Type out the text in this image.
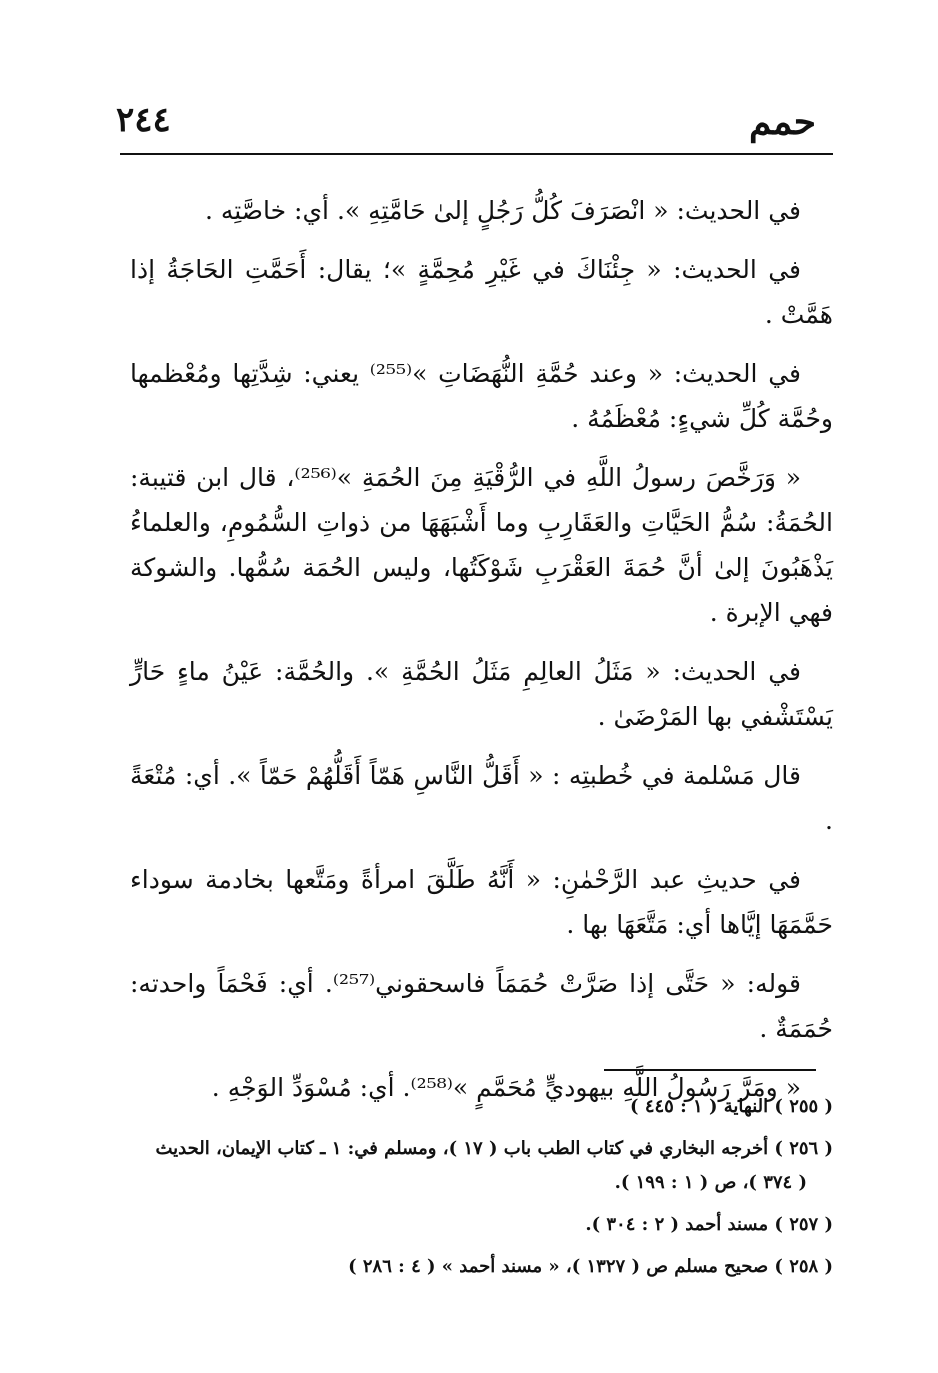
حمم
٢٤٤

في الحديث: « انْصَرَفَ كُلُّ رَجُلٍ إلىٰ حَامَّتِهِ ». أي: خاصَّتِه .

في الحديث: « جِئْنَاكَ في غَيْرِ مُحِمَّةٍ »؛ يقال: أَحَمَّتِ الحَاجَةُ إذا هَمَّتْ .

في الحديث: « وعند حُمَّةِ النُّهَضَاتِ »⁽²⁵⁵⁾ يعني: شِدَّتِها ومُعْظمها وحُمَّة كُلِّ شيءٍ: مُعْظَمُهُ .

« وَرَخَّصَ رسولُ اللَّهِ في الرُّقْيَةِ مِنَ الحُمَةِ »⁽²⁵⁶⁾، قال ابن قتيبة: الحُمَةُ: سُمُّ الحَيَّاتِ والعَقَارِبِ وما أَشْبَهَهَا من ذواتِ السُّمُومِ، والعلماءُ يَذْهَبُونَ إلىٰ أنَّ حُمَةَ العَقْرَبِ شَوْكَتُها، وليس الحُمَة سُمُّها. والشوكة فهي الإبرة .

في الحديث: « مَثَلُ العالِمِ مَثَلُ الحُمَّةِ ». والحُمَّة: عَيْنُ ماءٍ حَارٍّ يَسْتَشْفي بها المَرْضَىٰ .

قال مَسْلمة في خُطبتِه : « أَقَلُّ النَّاسِ هَمّاً أَقَلُّهُمْ حَمّاً ». أي: مُتْعَةً .

في حديثِ عبد الرَّحْمٰنِ: « أَنَّهُ طَلَّقَ امرأةً ومَتَّعها بخادمة سوداء حَمَّمَهَا إيَّاها أي: مَتَّعَهَا بها .

قوله: « حَتَّى إذا صَرَّتْ حُمَمَاً فاسحقوني⁽²⁵⁷⁾. أي: فَحْمَاً واحدته: حُمَمَةٌ .

« ومَرَّ رَسُولُ اللَّهِ بيهوديٍّ مُحَمَّمٍ »⁽²⁵⁸⁾. أي: مُسْوَدِّ الوَجْهِ .

( ٢٥٥ ) النهاية ( ١ : ٤٤٥ )

( ٢٥٦ ) أخرجه البخاري في كتاب الطب باب ( ١٧ )، ومسلم في: ١ ـ كتاب الإيمان، الحديث
( ٣٧٤ )، ص ( ١ : ١٩٩ ).

( ٢٥٧ ) مسند أحمد ( ٢ : ٣٠٤ ).

( ٢٥٨ ) صحيح مسلم ص ( ١٣٢٧ )، « مسند أحمد » ( ٤ : ٢٨٦ )
